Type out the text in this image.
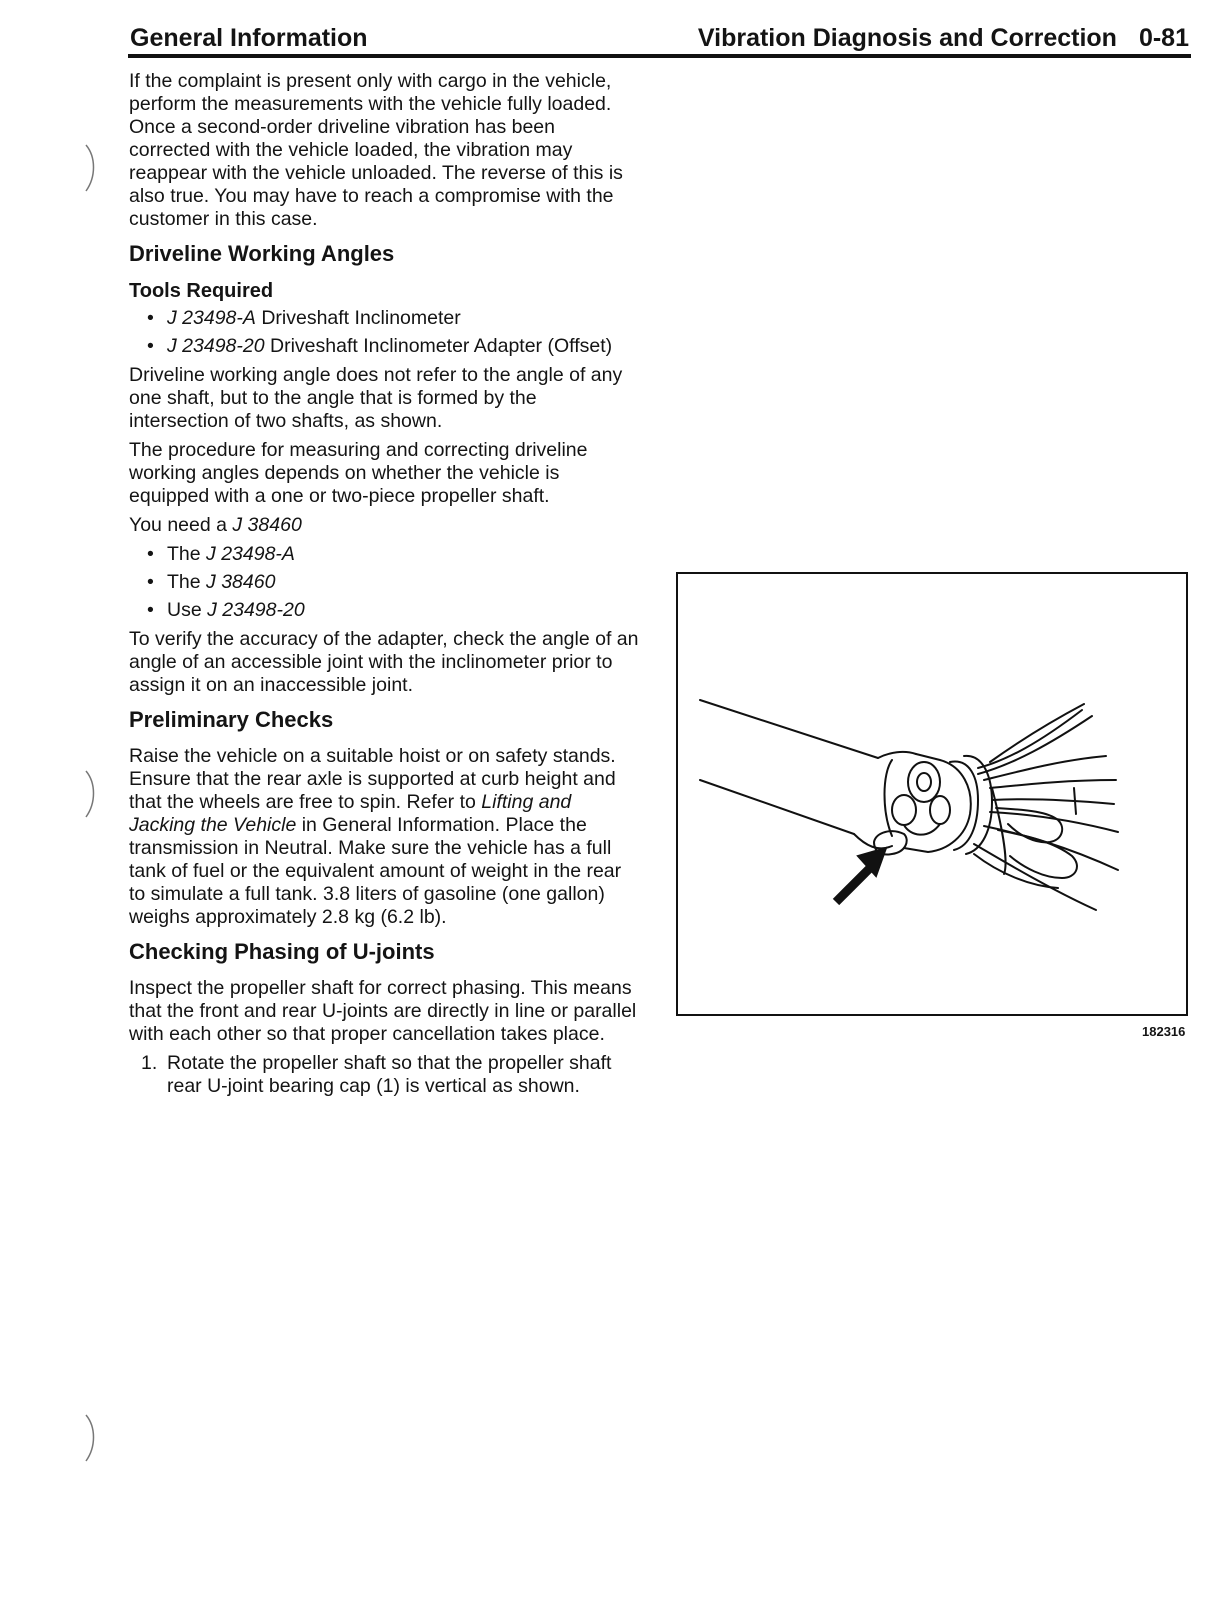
General Information	Vibration Diagnosis and Correction 0-81

If the complaint is present only with cargo in the vehicle, perform the measurements with the vehicle fully loaded. Once a second-order driveline vibration has been corrected with the vehicle loaded, the vibration may reappear with the vehicle unloaded. The reverse of this is also true. You may have to reach a compromise with the customer in this case.

Driveline Working Angles
Tools Required
• J 23498-A Driveshaft Inclinometer
• J 23498-20 Driveshaft Inclinometer Adapter (Offset)

Driveline working angle does not refer to the angle of any one shaft, but to the angle that is formed by the intersection of two shafts, as shown.

The procedure for measuring and correcting driveline working angles depends on whether the vehicle is equipped with a one or two-piece propeller shaft.

You need a J 38460

• The J 23498-A
• The J 38460
• Use J 23498-20

To verify the accuracy of the adapter, check the angle of an angle of an accessible joint with the inclinometer prior to assign it on an inaccessible joint.

Preliminary Checks

Raise the vehicle on a suitable hoist or on safety stands. Ensure that the rear axle is supported at curb height and that the wheels are free to spin. Refer to Lifting and Jacking the Vehicle in General Information. Place the transmission in Neutral. Make sure the vehicle has a full tank of fuel or the equivalent amount of weight in the rear to simulate a full tank. 3.8 liters of gasoline (one gallon) weighs approximately 2.8 kg (6.2 lb).

Checking Phasing of U-joints

Inspect the propeller shaft for correct phasing. This means that the front and rear U-joints are directly in line or parallel with each other so that proper cancellation takes place.

1. Rotate the propeller shaft so that the propeller shaft rear U-joint bearing cap (1) is vertical as shown.
182316
